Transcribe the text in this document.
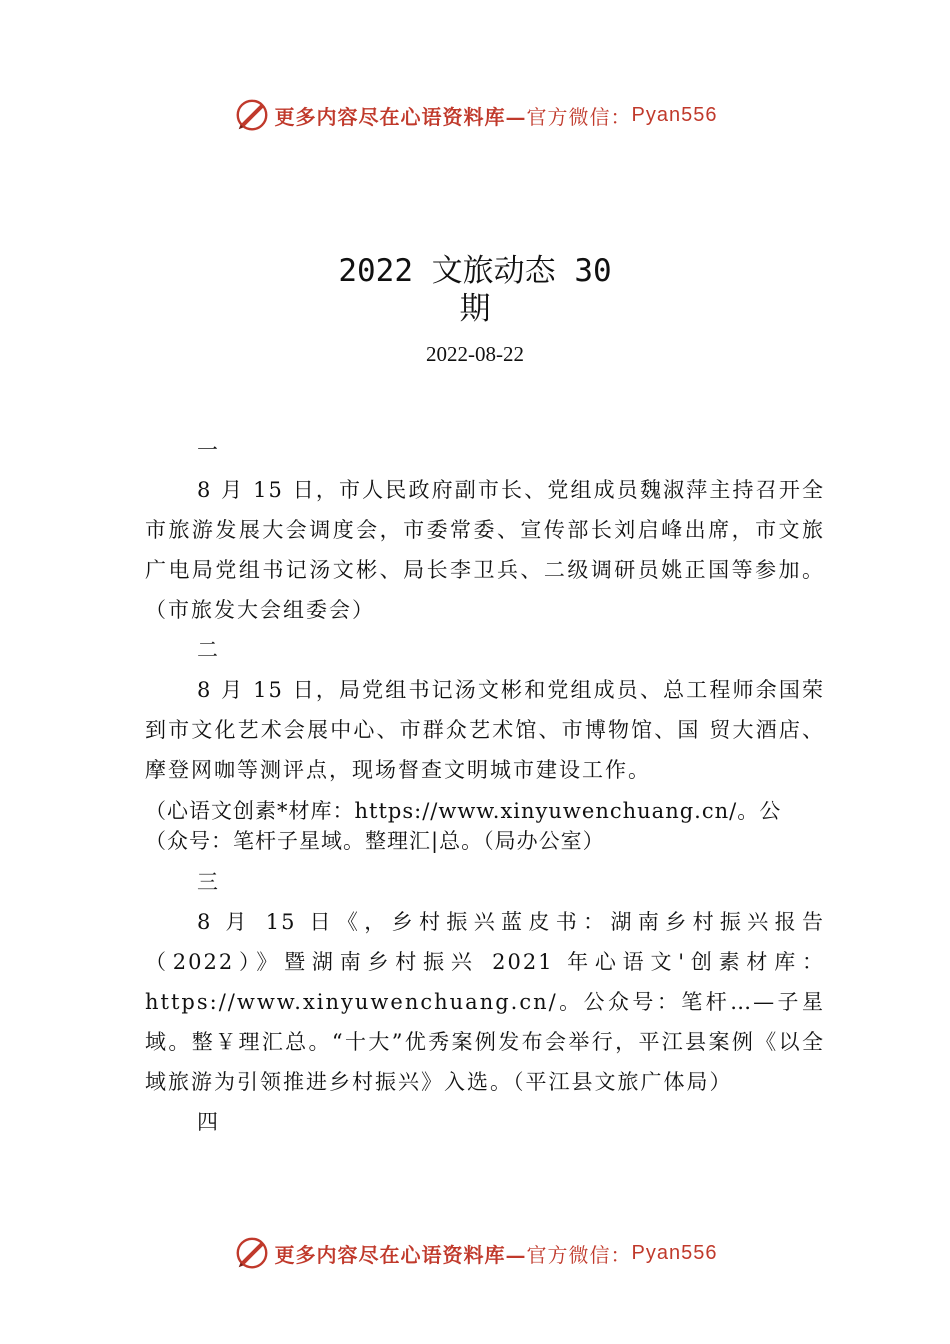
更多内容尽在心语资料库— 官方微信： Pyan556
2022 文旅动态 30
期
2022-08-22
一
8 月 15 日，市人民政府副市长、党组成员魏淑萍主持召开全市旅游发展大会调度会，市委常委、宣传部长刘启峰出席，市文旅广电局党组书记汤文彬、局长李卫兵、二级调研员姚正国等参加。（市旅发大会组委会）
二
8 月 15 日，局党组书记汤文彬和党组成员、总工程师余国荣到市文化艺术会展中心、市群众艺术馆、市博物馆、国 贸大酒店、摩登网咖等测评点，现场督查文明城市建设工作。
（心语文创素*材库：https://www.xinyuwenchuang.cn/。公
（众号：笔杆子星域。整理汇|总。（局办公室）
三
8 月 15 日《，乡村振兴蓝皮书：湖南乡村振兴报告（2022）》暨湖南乡村振兴 2021 年心语文'创素材库：https://www.xinyuwenchuang.cn/。公众号：笔杆…—子星域。整￥理汇总。“十大”优秀案例发布会举行，平江县案例《以全域旅游为引领推进乡村振兴》入选。（平江县文旅广体局）
四
更多内容尽在心语资料库— 官方微信： Pyan556
